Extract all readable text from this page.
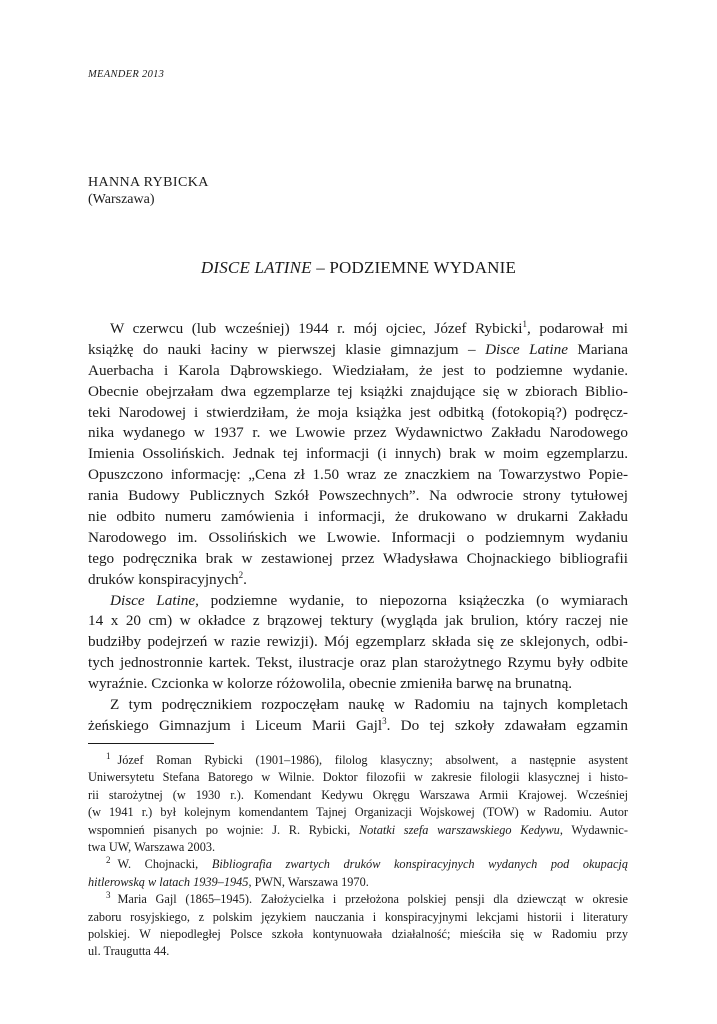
MEANDER 2013
HANNA RYBICKA
(Warszawa)
DISCE LATINE – PODZIEMNE WYDANIE

W czerwcu (lub wcześniej) 1944 r. mój ojciec, Józef Rybicki$^1$, podarował mi
książkę do nauki łaciny w pierwszej klasie gimnazjum – Disce Latine Mariana
Auerbacha i Karola Dąbrowskiego. Wiedziałam, że jest to podziemne wydanie.
Obecnie obejrzałam dwa egzemplarze tej książki znajdujące się w zbiorach Biblio-
teki Narodowej i stwierdziłam, że moja książka jest odbitką (fotokopią?) podręcz-
nika wydanego w 1937 r. we Lwowie przez Wydawnictwo Zakładu Narodowego
Imienia Ossolińskich. Jednak tej informacji (i innych) brak w moim egzemplarzu.
Opuszczono informację: „Cena zł 1.50 wraz ze znaczkiem na Towarzystwo Popie-
rania Budowy Publicznych Szkół Powszechnych”. Na odwrocie strony tytułowej
nie odbito numeru zamówienia i informacji, że drukowano w drukarni Zakładu
Narodowego im. Ossolińskich we Lwowie. Informacji o podziemnym wydaniu
tego podręcznika brak w zestawionej przez Władysława Chojnackiego bibliografii
druków konspiracyjnych$^2$.

Disce Latine, podziemne wydanie, to niepozorna książeczka (o wymiarach
14 x 20 cm) w okładce z brązowej tektury (wygląda jak brulion, który raczej nie
budziłby podejrzeń w razie rewizji). Mój egzemplarz składa się ze sklejonych, odbi-
tych jednostronnie kartek. Tekst, ilustracje oraz plan starożytnego Rzymu były odbite
wyraźnie. Czcionka w kolorze różowolila, obecnie zmieniła barwę na brunatną.

Z tym podręcznikiem rozpoczęłam naukę w Radomiu na tajnych kompletach
żeńskiego Gimnazjum i Liceum Marii Gajl$^3$. Do tej szkoły zdawałam egzamin

$^1$ Józef Roman Rybicki (1901–1986), filolog klasyczny; absolwent, a następnie asystent
Uniwersytetu Stefana Batorego w Wilnie. Doktor filozofii w zakresie filologii klasycznej i histo-
rii starożytnej (w 1930 r.). Komendant Kedywu Okręgu Warszawa Armii Krajowej. Wcześniej
(w 1941 r.) był kolejnym komendantem Tajnej Organizacji Wojskowej (TOW) w Radomiu. Autor
wspomnień pisanych po wojnie: J. R. Rybicki, Notatki szefa warszawskiego Kedywu, Wydawnic-
twa UW, Warszawa 2003.
$^2$ W. Chojnacki, Bibliografia zwartych druków konspiracyjnych wydanych pod okupacją
hitlerowską w latach 1939–1945, PWN, Warszawa 1970.
$^3$ Maria Gajl (1865–1945). Założycielka i przełożona polskiej pensji dla dziewcząt w okresie
zaboru rosyjskiego, z polskim językiem nauczania i konspiracyjnymi lekcjami historii i literatury
polskiej. W niepodległej Polsce szkoła kontynuowała działalność; mieściła się w Radomiu przy
ul. Traugutta 44.
